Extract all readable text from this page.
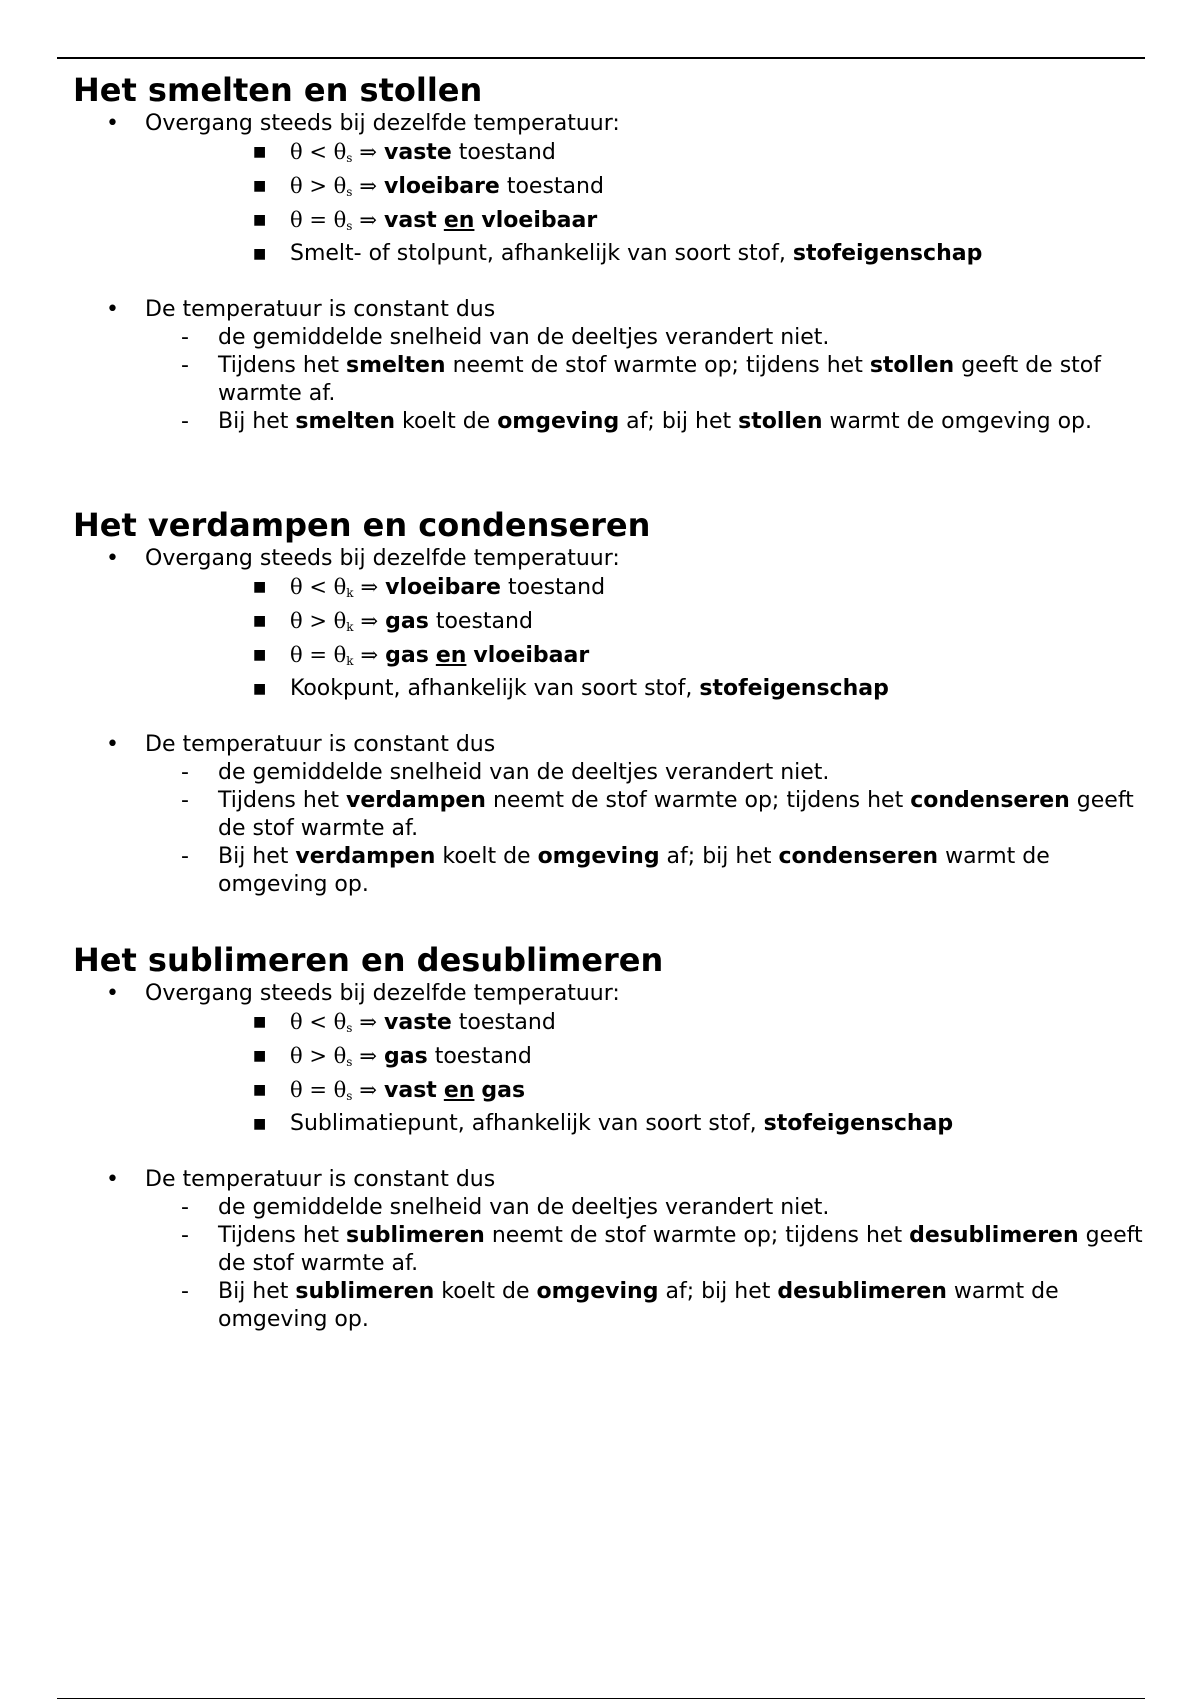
Het smelten en stollen
• Overgang steeds bij dezelfde temperatuur:
■ $\theta < \theta_s$ ⇒ vaste toestand
■ $\theta > \theta_s$ ⇒ vloeibare toestand
■ $\theta = \theta_s$ ⇒ vast en vloeibaar
■ Smelt- of stolpunt, afhankelijk van soort stof, stofeigenschap
• De temperatuur is constant dus
- de gemiddelde snelheid van de deeltjes verandert niet.
- Tijdens het smelten neemt de stof warmte op; tijdens het stollen geeft de stof warmte af.
- Bij het smelten koelt de omgeving af; bij het stollen warmt de omgeving op.
Het verdampen en condenseren
• Overgang steeds bij dezelfde temperatuur:
■ $\theta < \theta_k$ ⇒ vloeibare toestand
■ $\theta > \theta_k$ ⇒ gas toestand
■ $\theta = \theta_k$ ⇒ gas en vloeibaar
■ Kookpunt, afhankelijk van soort stof, stofeigenschap
• De temperatuur is constant dus
- de gemiddelde snelheid van de deeltjes verandert niet.
- Tijdens het verdampen neemt de stof warmte op; tijdens het condenseren geeft de stof warmte af.
- Bij het verdampen koelt de omgeving af; bij het condenseren warmt de omgeving op.
Het sublimeren en desublimeren
• Overgang steeds bij dezelfde temperatuur:
■ $\theta < \theta_s$ ⇒ vaste toestand
■ $\theta > \theta_s$ ⇒ gas toestand
■ $\theta = \theta_s$ ⇒ vast en gas
■ Sublimatiepunt, afhankelijk van soort stof, stofeigenschap
• De temperatuur is constant dus
- de gemiddelde snelheid van de deeltjes verandert niet.
- Tijdens het sublimeren neemt de stof warmte op; tijdens het desublimeren geeft de stof warmte af.
- Bij het sublimeren koelt de omgeving af; bij het desublimeren warmt de omgeving op.
